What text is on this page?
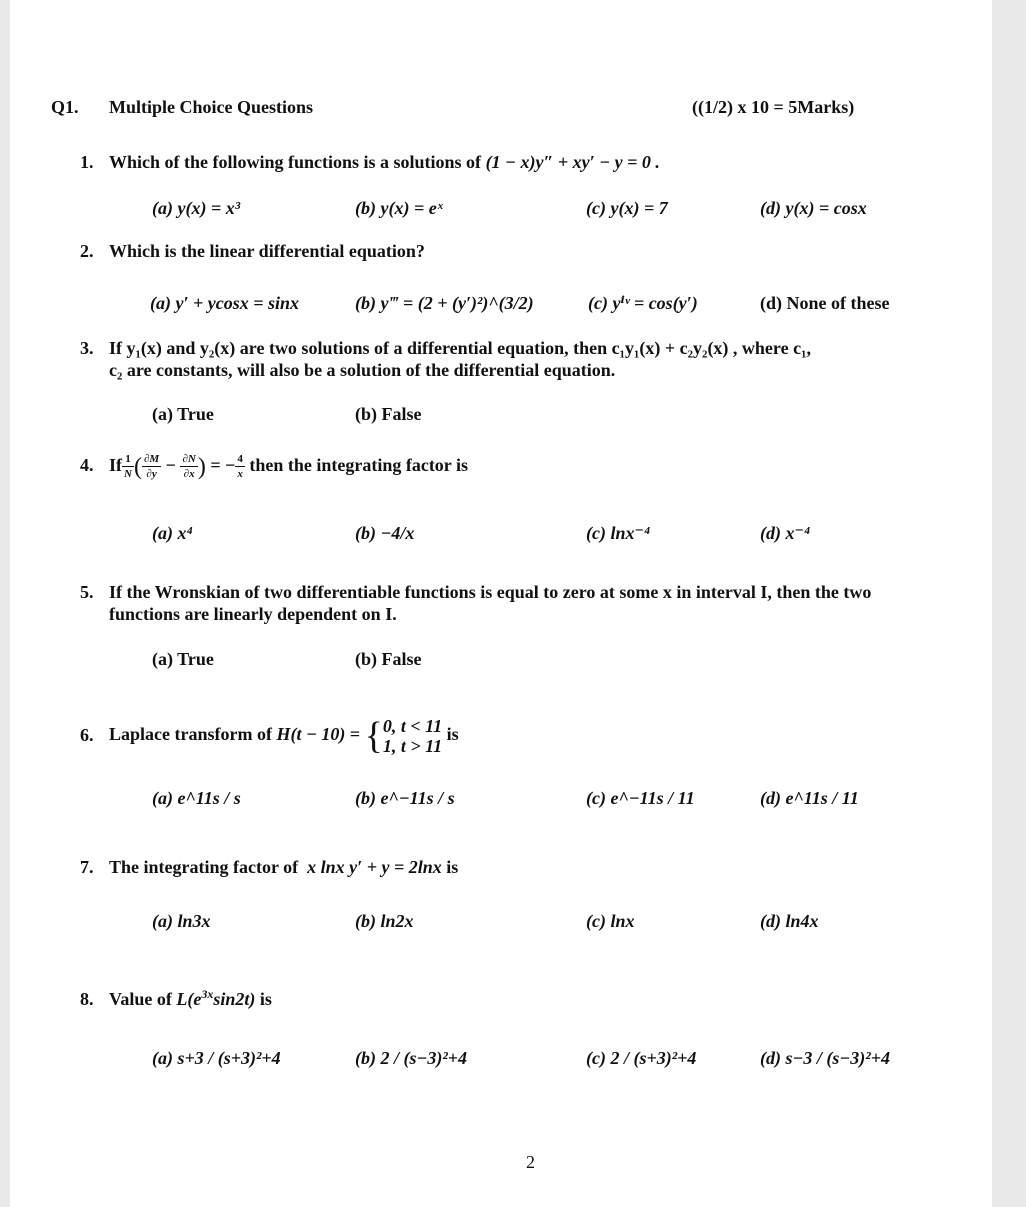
Q1. Multiple Choice Questions	((1/2) x 10 = 5Marks)
1. Which of the following functions is a solutions of (1 − x)y″ + xy′ − y = 0 .
(a) y(x) = x³	(b) y(x) = eˣ	(c) y(x) = 7	(d) y(x) = cosx
2. Which is the linear differential equation?
(a) y′ + ycosx = sinx	(b) y‴ = (2 + (y′)²)^(3/2)	(c) yⁱᵛ = cos(y′)	(d) None of these
3. If y₁(x) and y₂(x) are two solutions of a differential equation, then c₁y₁(x) + c₂y₂(x) , where c₁,
c₂ are constants, will also be a solution of the differential equation.
(a) True	(b) False
4. If $\frac{1}{N}$ ( $\frac{\partial M}{\partial y} - \frac{\partial N}{\partial x}$ ) = − $\frac{4}{x}$ then the integrating factor is
(a) x⁴	(b) −4/x	(c) lnx⁻⁴	(d) x⁻⁴
5. If the Wronskian of two differentiable functions is equal to zero at some x in interval I, then the two
functions are linearly dependent on I.
(a) True	(b) False
6. Laplace transform of H(t − 10) = { 0, t < 11
1, t > 11
is
(a) e^11s / s	(b) e^−11s / s	(c) e^−11s / 11	(d) e^11s / 11
7. The integrating factor of x lnx y′ + y = 2lnx is
(a) ln3x	(b) ln2x	(c) lnx	(d) ln4x
8. Value of $L(e^{3x}\sin 2t)$ is
(a) s+3 / (s+3)²+4	(b) 2 / (s−3)²+4	(c) 2 / (s+3)²+4	(d) s−3 / (s−3)²+4
2
